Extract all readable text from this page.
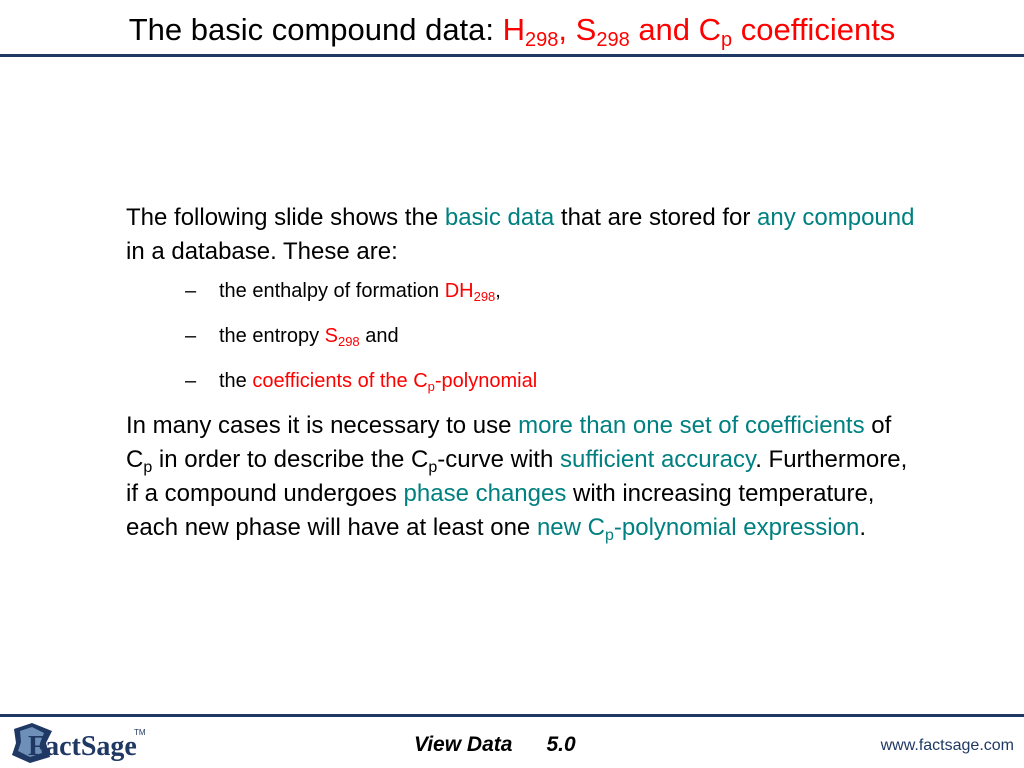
The basic compound data: $H_{298}$, $S_{298}$ and $C_p$ coefficients

The following slide shows the basic data that are stored for any compound in a database. These are:

– the enthalpy of formation $DH_{298}$,
– the entropy $S_{298}$ and
– the coefficients of the $C_p$-polynomial

In many cases it is necessary to use more than one set of coefficients of $C_p$ in order to describe the $C_p$-curve with sufficient accuracy. Furthermore, if a compound undergoes phase changes with increasing temperature, each new phase will have at least one new $C_p$-polynomial expression.

FactSage
TM
View Data 5.0	www.factsage.com
